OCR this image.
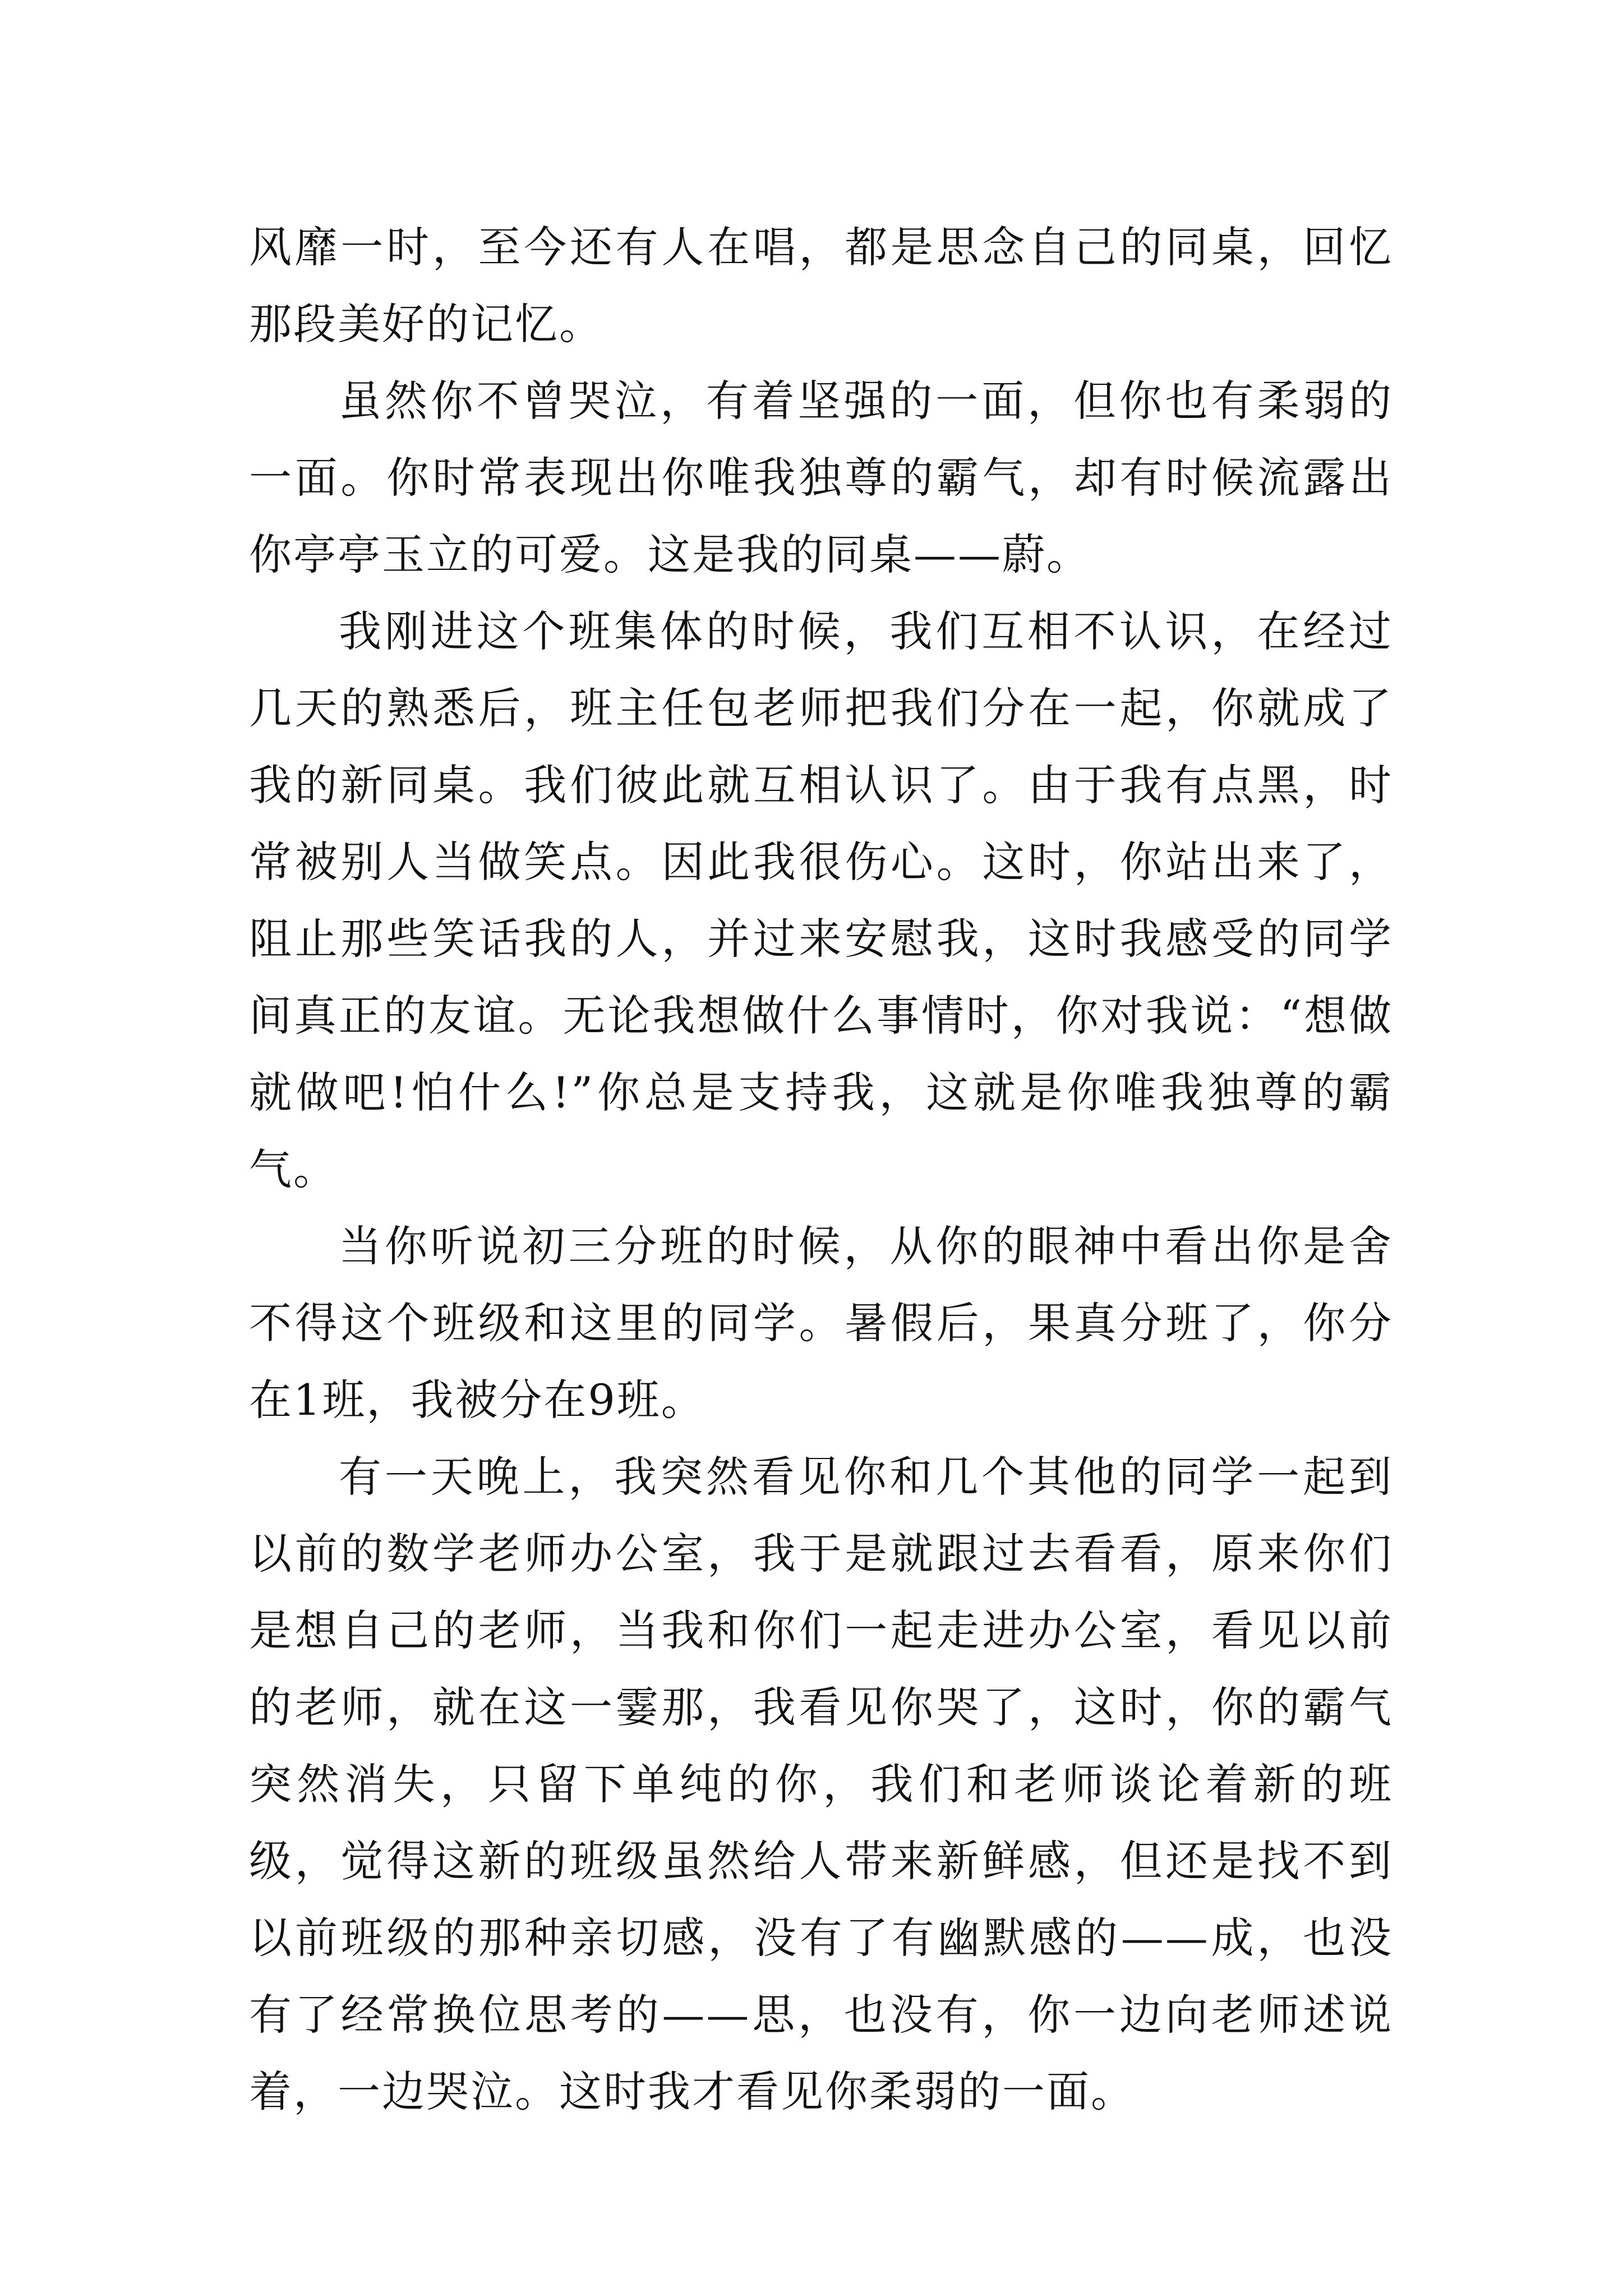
风靡一时，至今还有人在唱，都是思念自己的同桌，回忆那段美好的记忆。

虽然你不曾哭泣，有着坚强的一面，但你也有柔弱的一面。你时常表现出你唯我独尊的霸气，却有时候流露出你亭亭玉立的可爱。这是我的同桌——蔚。

我刚进这个班集体的时候，我们互相不认识，在经过几天的熟悉后，班主任包老师把我们分在一起，你就成了我的新同桌。我们彼此就互相认识了。由于我有点黑，时常被别人当做笑点。因此我很伤心。这时，你站出来了，阻止那些笑话我的人，并过来安慰我，这时我感受的同学间真正的友谊。无论我想做什么事情时，你对我说：“想做就做吧!怕什么!”你总是支持我，这就是你唯我独尊的霸气。

当你听说初三分班的时候，从你的眼神中看出你是舍不得这个班级和这里的同学。暑假后，果真分班了，你分在1班，我被分在9班。

有一天晚上，我突然看见你和几个其他的同学一起到以前的数学老师办公室，我于是就跟过去看看，原来你们是想自己的老师，当我和你们一起走进办公室，看见以前的老师，就在这一霎那，我看见你哭了，这时，你的霸气突然消失，只留下单纯的你，我们和老师谈论着新的班级，觉得这新的班级虽然给人带来新鲜感，但还是找不到以前班级的那种亲切感，没有了有幽默感的——成，也没有了经常换位思考的——思，也没有，你一边向老师述说着，一边哭泣。这时我才看见你柔弱的一面。
